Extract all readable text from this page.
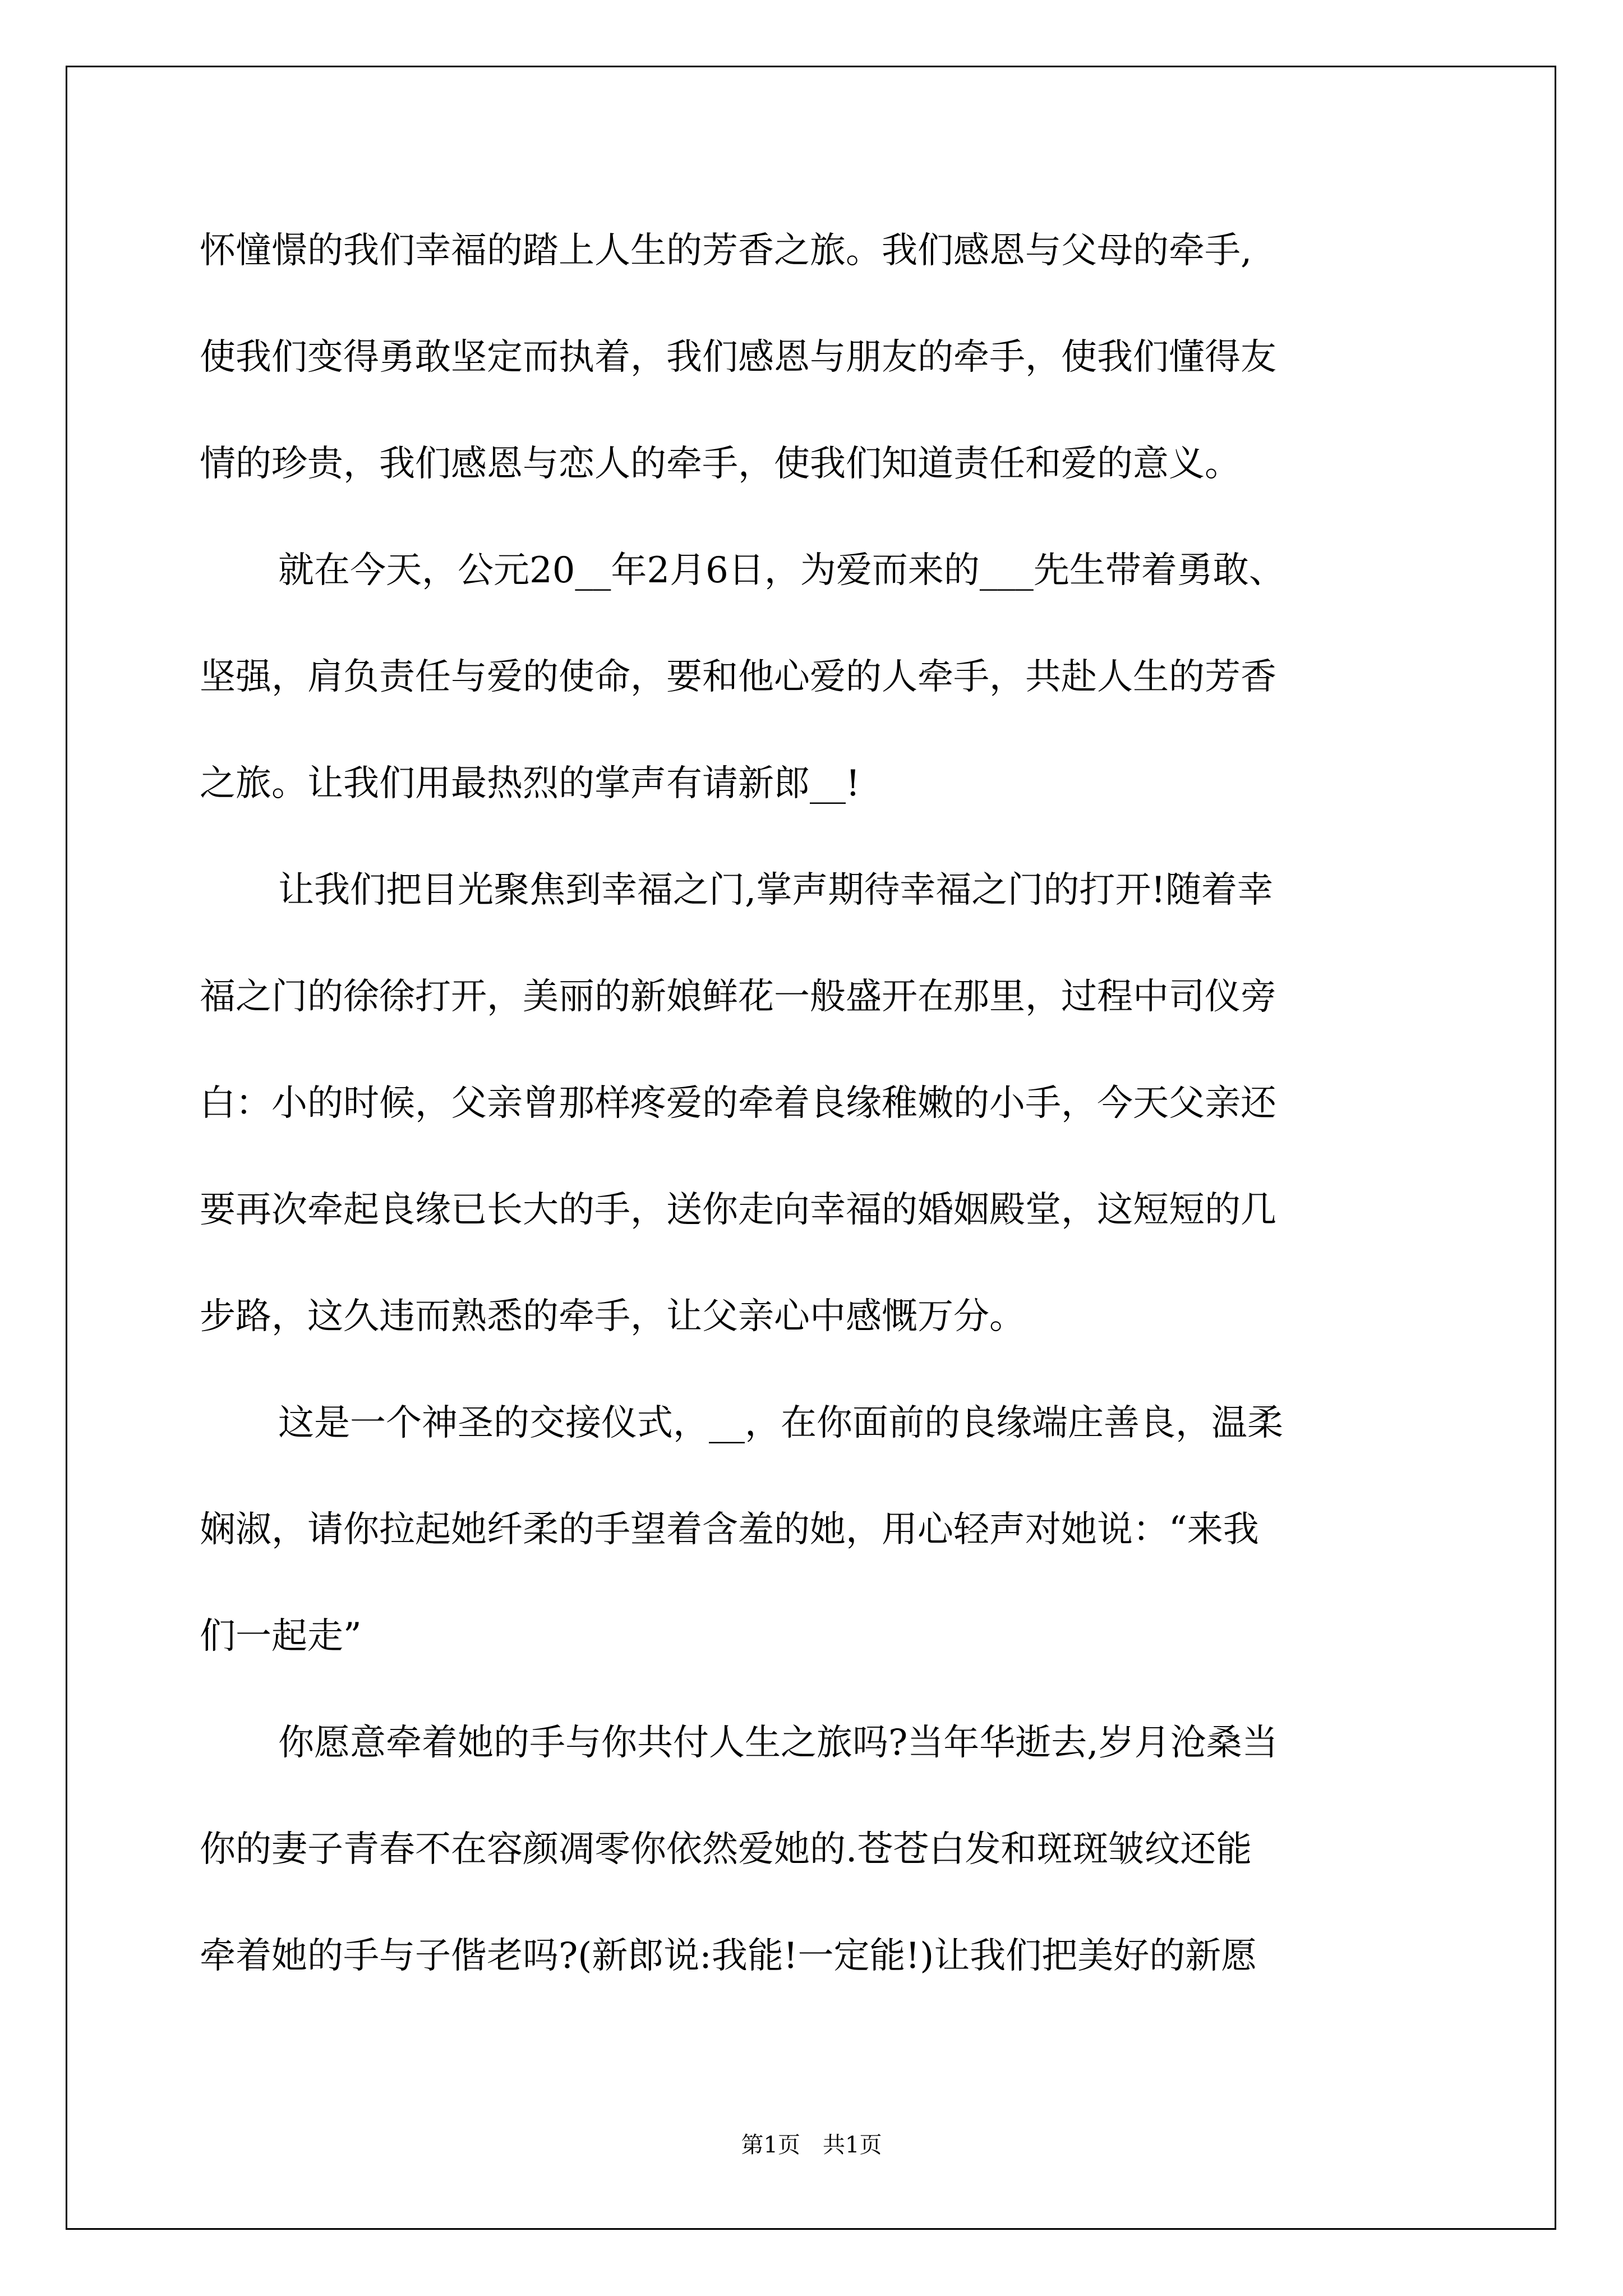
怀憧憬的我们幸福的踏上人生的芳香之旅。我们感恩与父母的牵手,
使我们变得勇敢坚定而执着，我们感恩与朋友的牵手，使我们懂得友
情的珍贵，我们感恩与恋人的牵手，使我们知道责任和爱的意义。
就在今天，公元20__年2月6日，为爱而来的___先生带着勇敢、
坚强，肩负责任与爱的使命，要和他心爱的人牵手，共赴人生的芳香
之旅。让我们用最热烈的掌声有请新郎__!
让我们把目光聚焦到幸福之门,掌声期待幸福之门的打开!随着幸
福之门的徐徐打开，美丽的新娘鲜花一般盛开在那里，过程中司仪旁
白：小的时候，父亲曾那样疼爱的牵着良缘稚嫩的小手，今天父亲还
要再次牵起良缘已长大的手，送你走向幸福的婚姻殿堂，这短短的几
步路，这久违而熟悉的牵手，让父亲心中感慨万分。
这是一个神圣的交接仪式，__，在你面前的良缘端庄善良，温柔
娴淑，请你拉起她纤柔的手望着含羞的她，用心轻声对她说：“来我
们一起走”
你愿意牵着她的手与你共付人生之旅吗?当年华逝去,岁月沧桑当
你的妻子青春不在容颜凋零你依然爱她的.苍苍白发和斑斑皱纹还能
牵着她的手与子偕老吗?(新郎说:我能!一定能!)让我们把美好的新愿
第1页　共1页
